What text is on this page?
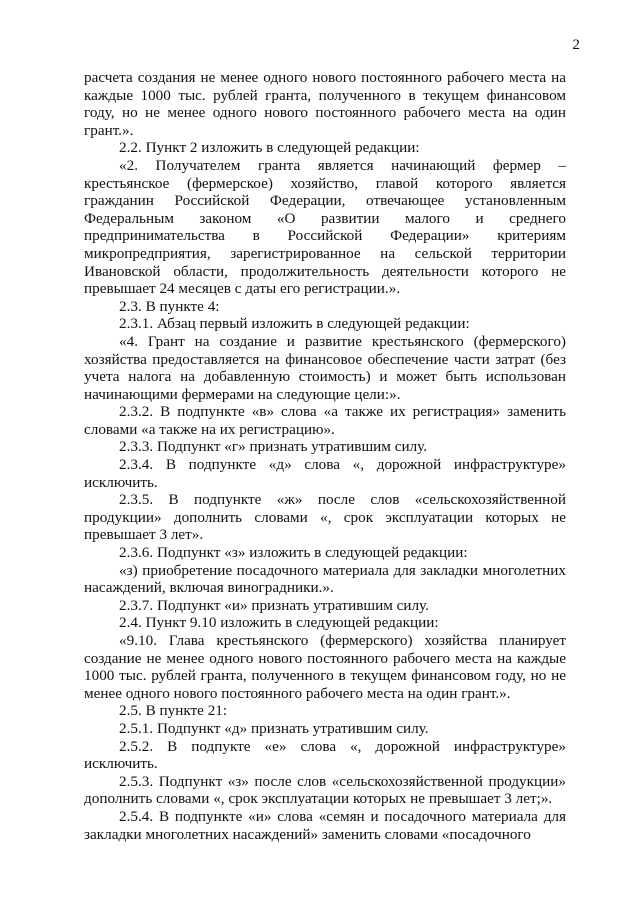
2

расчета создания не менее одного нового постоянного рабочего места на каждые 1000 тыс. рублей гранта, полученного в текущем финансовом году, но не менее одного нового постоянного рабочего места на один грант.».

2.2. Пункт 2 изложить в следующей редакции:

«2. Получателем гранта является начинающий фермер – крестьянское (фермерское) хозяйство, главой которого является гражданин Российской Федерации, отвечающее установленным Федеральным законом «О развитии малого и среднего предпринимательства в Российской Федерации» критериям микропредприятия, зарегистрированное на сельской территории Ивановской области, продолжительность деятельности которого не превышает 24 месяцев с даты его регистрации.».

2.3. В пункте 4:

2.3.1. Абзац первый изложить в следующей редакции:

«4. Грант на создание и развитие крестьянского (фермерского) хозяйства предоставляется на финансовое обеспечение части затрат (без учета налога на добавленную стоимость) и может быть использован начинающими фермерами на следующие цели:».

2.3.2. В подпункте «в» слова «а также их регистрация» заменить словами «а также на их регистрацию».

2.3.3. Подпункт «г» признать утратившим силу.

2.3.4. В подпункте «д» слова «, дорожной инфраструктуре» исключить.

2.3.5. В подпункте «ж» после слов «сельскохозяйственной продукции» дополнить словами «, срок эксплуатации которых не превышает 3 лет».

2.3.6. Подпункт «з» изложить в следующей редакции:

«з) приобретение посадочного материала для закладки многолетних насаждений, включая виноградники.».

2.3.7. Подпункт «и» признать утратившим силу.

2.4. Пункт 9.10 изложить в следующей редакции:

«9.10. Глава крестьянского (фермерского) хозяйства планирует создание не менее одного нового постоянного рабочего места на каждые 1000 тыс. рублей гранта, полученного в текущем финансовом году, но не менее одного нового постоянного рабочего места на один грант.».

2.5. В пункте 21:

2.5.1. Подпункт «д» признать утратившим силу.

2.5.2. В подпукте «е» слова «, дорожной инфраструктуре» исключить.

2.5.3. Подпункт «з» после слов «сельскохозяйственной продукции» дополнить словами «, срок эксплуатации которых не превышает 3 лет;».

2.5.4. В подпункте «и» слова «семян и посадочного материала для закладки многолетних насаждений» заменить словами «посадочного
